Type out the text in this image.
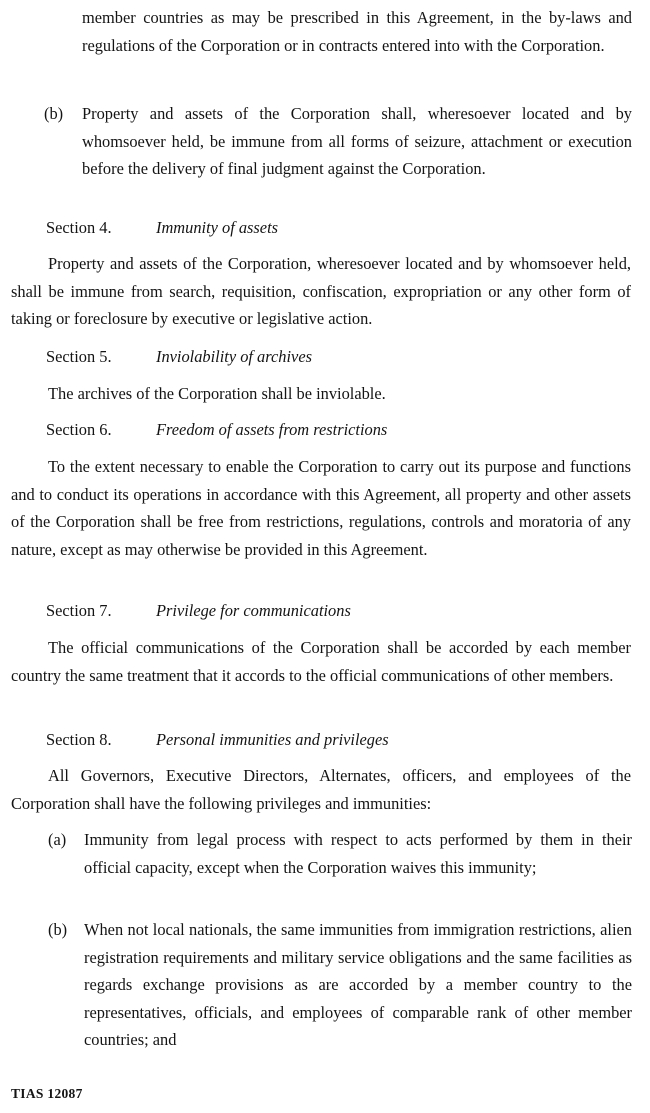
member countries as may be prescribed in this Agreement, in the by-laws and regulations of the Corporation or in contracts entered into with the Corporation.

(b) Property and assets of the Corporation shall, wheresoever located and by whomsoever held, be immune from all forms of seizure, attachment or execution before the delivery of final judgment against the Corporation.

Section 4.	Immunity of assets

Property and assets of the Corporation, wheresoever located and by whomsoever held, shall be immune from search, requisition, confiscation, expropriation or any other form of taking or foreclosure by executive or legislative action.

Section 5.	Inviolability of archives

The archives of the Corporation shall be inviolable.

Section 6.	Freedom of assets from restrictions

To the extent necessary to enable the Corporation to carry out its purpose and functions and to conduct its operations in accordance with this Agreement, all property and other assets of the Corporation shall be free from restrictions, regulations, controls and moratoria of any nature, except as may otherwise be provided in this Agreement.

Section 7.	Privilege for communications

The official communications of the Corporation shall be accorded by each member country the same treatment that it accords to the official communications of other members.

Section 8.	Personal immunities and privileges

All Governors, Executive Directors, Alternates, officers, and employees of the Corporation shall have the following privileges and immunities:

(a) Immunity from legal process with respect to acts performed by them in their official capacity, except when the Corporation waives this immunity;

(b) When not local nationals, the same immunities from immigration restrictions, alien registration requirements and military service obligations and the same facilities as regards exchange provisions as are accorded by a member country to the representatives, officials, and employees of comparable rank of other member countries; and

TIAS 12087
